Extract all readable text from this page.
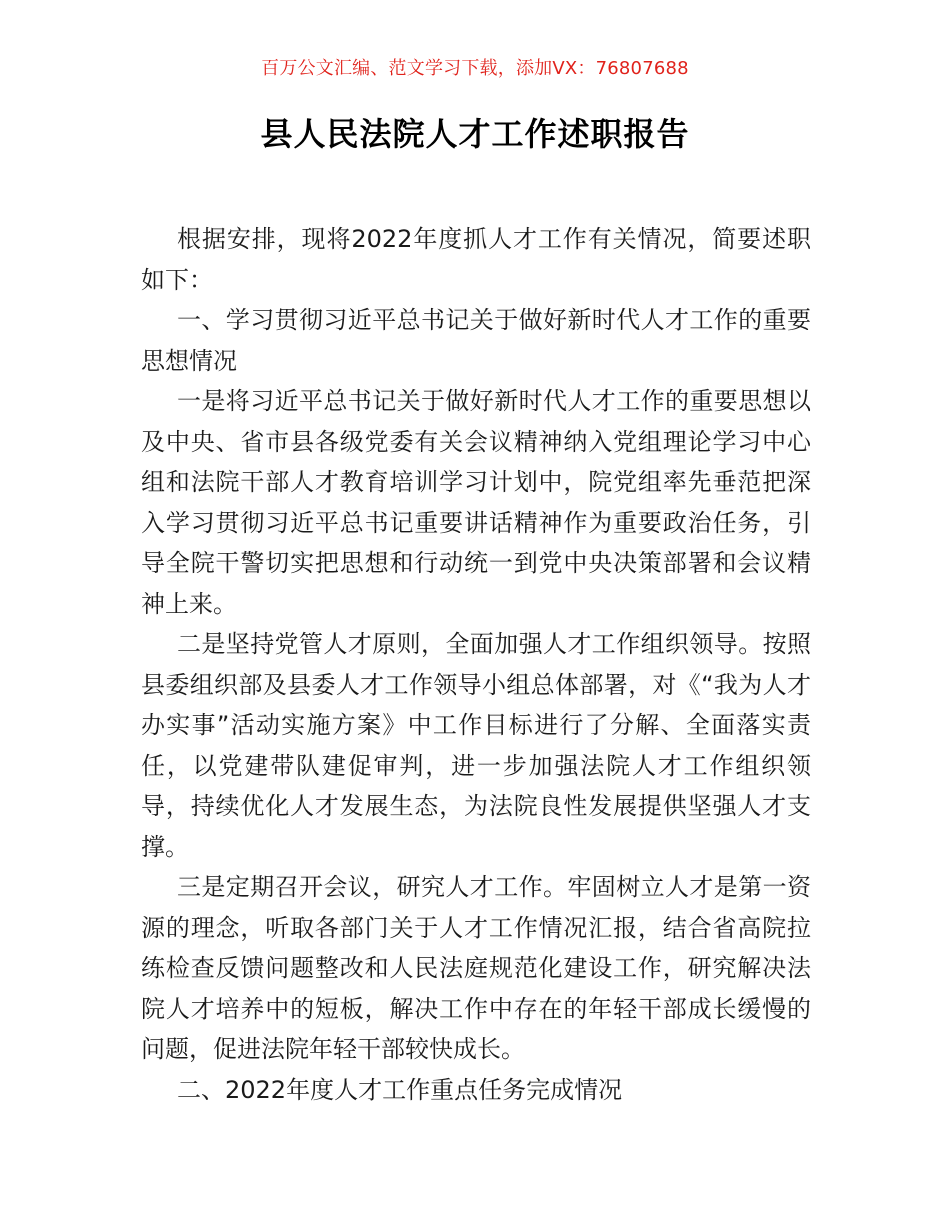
百万公文汇编、范文学习下载，添加VX：76807688
县人民法院人才工作述职报告

根据安排，现将2022年度抓人才工作有关情况，简要述职如下：

一、学习贯彻习近平总书记关于做好新时代人才工作的重要思想情况

一是将习近平总书记关于做好新时代人才工作的重要思想以及中央、省市县各级党委有关会议精神纳入党组理论学习中心组和法院干部人才教育培训学习计划中，院党组率先垂范把深入学习贯彻习近平总书记重要讲话精神作为重要政治任务，引导全院干警切实把思想和行动统一到党中央决策部署和会议精神上来。

二是坚持党管人才原则，全面加强人才工作组织领导。按照县委组织部及县委人才工作领导小组总体部署，对《“我为人才办实事”活动实施方案》中工作目标进行了分解、全面落实责任，以党建带队建促审判，进一步加强法院人才工作组织领导，持续优化人才发展生态，为法院良性发展提供坚强人才支撑。

三是定期召开会议，研究人才工作。牢固树立人才是第一资源的理念，听取各部门关于人才工作情况汇报，结合省高院拉练检查反馈问题整改和人民法庭规范化建设工作，研究解决法院人才培养中的短板，解决工作中存在的年轻干部成长缓慢的问题，促进法院年轻干部较快成长。

二、2022年度人才工作重点任务完成情况
